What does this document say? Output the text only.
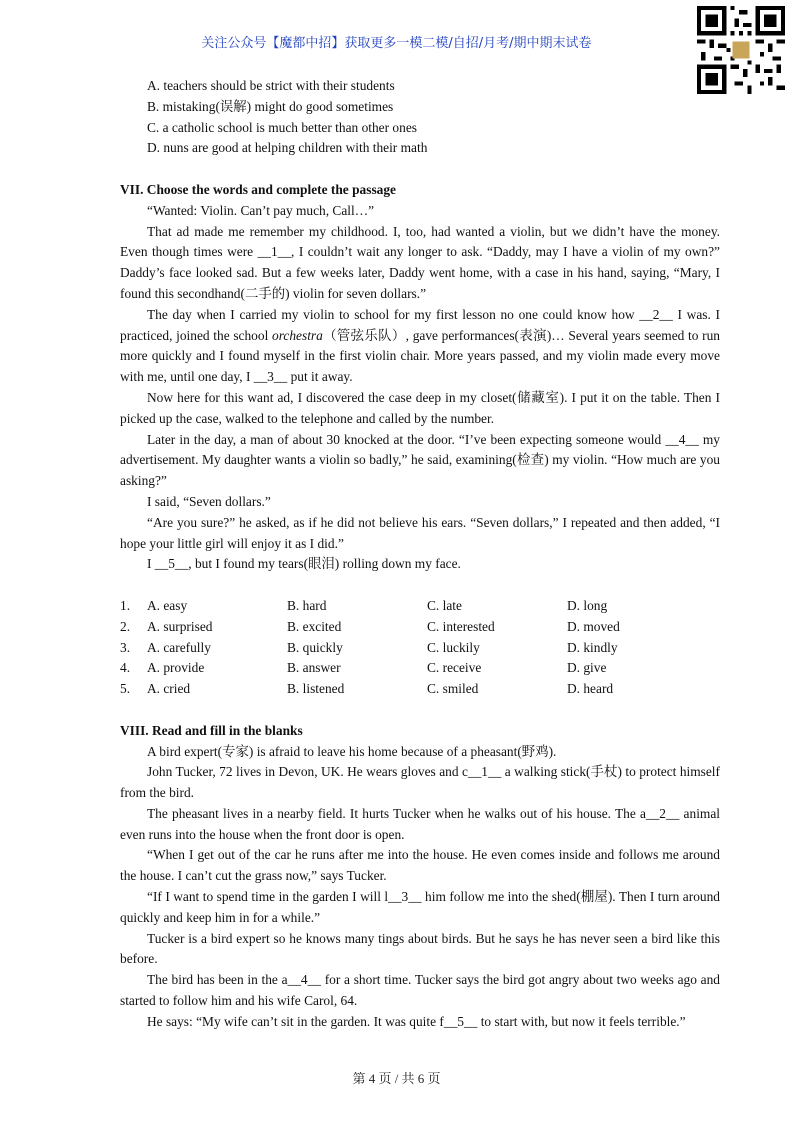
关注公众号【魔都中招】获取更多一模二模/自招/月考/期中期末试卷

A. teachers should be strict with their students

B. mistaking(误解) might do good sometimes

C. a catholic school is much better than other ones

D. nuns are good at helping children with their math

VII. Choose the words and complete the passage

“Wanted: Violin. Can’t pay much, Call…”

That ad made me remember my childhood. I, too, had wanted a violin, but we didn’t have the money. Even though times were __1__, I couldn’t wait any longer to ask. “Daddy, may I have a violin of my own?” Daddy’s face looked sad. But a few weeks later, Daddy went home, with a case in his hand, saying, “Mary, I found this secondhand(二手的) violin for seven dollars.”

The day when I carried my violin to school for my first lesson no one could know how __2__ I was. I practiced, joined the school orchestra（管弦乐队）, gave performances(表演)… Several years seemed to run more quickly and I found myself in the first violin chair. More years passed, and my violin made every move with me, until one day, I __3__ put it away.

Now here for this want ad, I discovered the case deep in my closet(储藏室). I put it on the table. Then I picked up the case, walked to the telephone and called by the number.

Later in the day, a man of about 30 knocked at the door. “I’ve been expecting someone would __4__ my advertisement. My daughter wants a violin so badly,” he said, examining(检查) my violin. “How much are you asking?”

I said, “Seven dollars.”

“Are you sure?” he asked, as if he did not believe his ears. “Seven dollars,” I repeated and then added, “I hope your little girl will enjoy it as I did.”

I __5__, but I found my tears(眼泪) rolling down my face.

1.	A. easy	B. hard	C. late	D. long
2.	A. surprised	B. excited	C. interested	D. moved
3.	A. carefully	B. quickly	C. luckily	D. kindly
4.	A. provide	B. answer	C. receive	D. give
5.	A. cried	B. listened	C. smiled	D. heard

VIII. Read and fill in the blanks

A bird expert(专家) is afraid to leave his home because of a pheasant(野鸡).

John Tucker, 72 lives in Devon, UK. He wears gloves and c__1__ a walking stick(手杖) to protect himself from the bird.

The pheasant lives in a nearby field. It hurts Tucker when he walks out of his house. The a__2__ animal even runs into the house when the front door is open.

“When I get out of the car he runs after me into the house. He even comes inside and follows me around the house. I can’t cut the grass now,” says Tucker.

“If I want to spend time in the garden I will l__3__ him follow me into the shed(棚屋). Then I turn around quickly and keep him in for a while.”

Tucker is a bird expert so he knows many tings about birds. But he says he has never seen a bird like this before.

The bird has been in the a__4__ for a short time. Tucker says the bird got angry about two weeks ago and started to follow him and his wife Carol, 64.

He says: “My wife can’t sit in the garden. It was quite f__5__ to start with, but now it feels terrible.”

第 4 页 / 共 6 页
